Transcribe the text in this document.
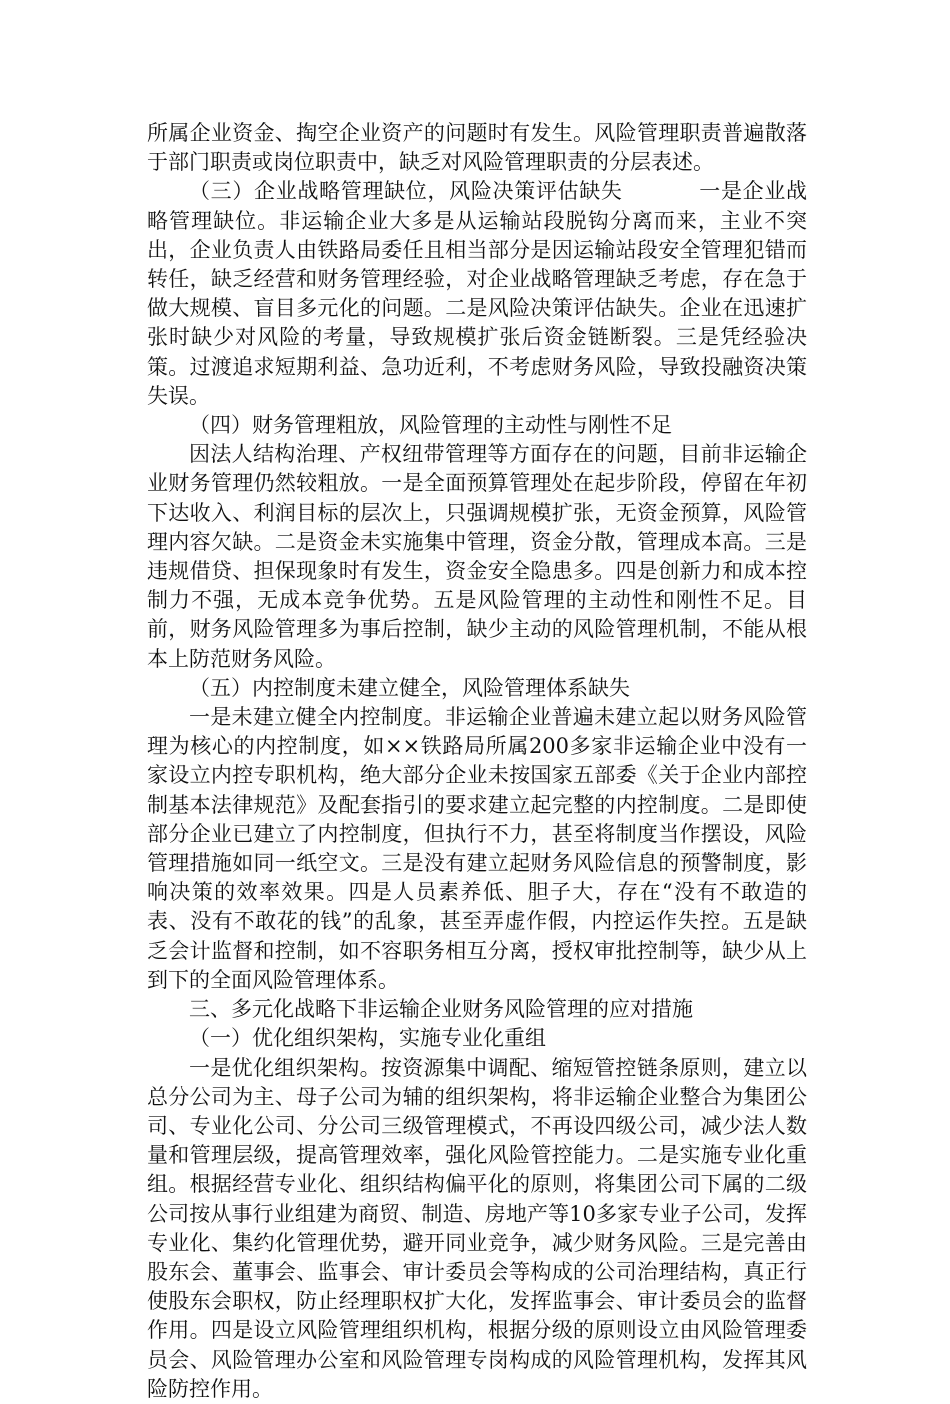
所属企业资金、掏空企业资产的问题时有发生。风险管理职责普遍散落于部门职责或岗位职责中，缺乏对风险管理职责的分层表述。

（三）企业战略管理缺位，风险决策评估缺失	一是企业战略管理缺位。非运输企业大多是从运输站段脱钩分离而来，主业不突出，企业负责人由铁路局委任且相当部分是因运输站段安全管理犯错而转任，缺乏经营和财务管理经验，对企业战略管理缺乏考虑，存在急于做大规模、盲目多元化的问题。二是风险决策评估缺失。企业在迅速扩张时缺少对风险的考量，导致规模扩张后资金链断裂。三是凭经验决策。过渡追求短期利益、急功近利，不考虑财务风险，导致投融资决策失误。

（四）财务管理粗放，风险管理的主动性与刚性不足

因法人结构治理、产权纽带管理等方面存在的问题，目前非运输企业财务管理仍然较粗放。一是全面预算管理处在起步阶段，停留在年初下达收入、利润目标的层次上，只强调规模扩张，无资金预算，风险管理内容欠缺。二是资金未实施集中管理，资金分散，管理成本高。三是违规借贷、担保现象时有发生，资金安全隐患多。四是创新力和成本控制力不强，无成本竞争优势。五是风险管理的主动性和刚性不足。目前，财务风险管理多为事后控制，缺少主动的风险管理机制，不能从根本上防范财务风险。

（五）内控制度未建立健全，风险管理体系缺失

一是未建立健全内控制度。非运输企业普遍未建立起以财务风险管理为核心的内控制度，如××铁路局所属200多家非运输企业中没有一家设立内控专职机构，绝大部分企业未按国家五部委《关于企业内部控制基本法律规范》及配套指引的要求建立起完整的内控制度。二是即使部分企业已建立了内控制度，但执行不力，甚至将制度当作摆设，风险管理措施如同一纸空文。三是没有建立起财务风险信息的预警制度，影响决策的效率效果。四是人员素养低、胆子大，存在“没有不敢造的表、没有不敢花的钱”的乱象，甚至弄虚作假，内控运作失控。五是缺乏会计监督和控制，如不容职务相互分离，授权审批控制等，缺少从上到下的全面风险管理体系。

三、多元化战略下非运输企业财务风险管理的应对措施

（一）优化组织架构，实施专业化重组

一是优化组织架构。按资源集中调配、缩短管控链条原则，建立以总分公司为主、母子公司为辅的组织架构，将非运输企业整合为集团公司、专业化公司、分公司三级管理模式，不再设四级公司，减少法人数量和管理层级，提高管理效率，强化风险管控能力。二是实施专业化重组。根据经营专业化、组织结构偏平化的原则，将集团公司下属的二级公司按从事行业组建为商贸、制造、房地产等10多家专业子公司，发挥专业化、集约化管理优势，避开同业竞争，减少财务风险。三是完善由股东会、董事会、监事会、审计委员会等构成的公司治理结构，真正行使股东会职权，防止经理职权扩大化，发挥监事会、审计委员会的监督作用。四是设立风险管理组织机构，根据分级的原则设立由风险管理委员会、风险管理办公室和风险管理专岗构成的风险管理机构，发挥其风险防控作用。
